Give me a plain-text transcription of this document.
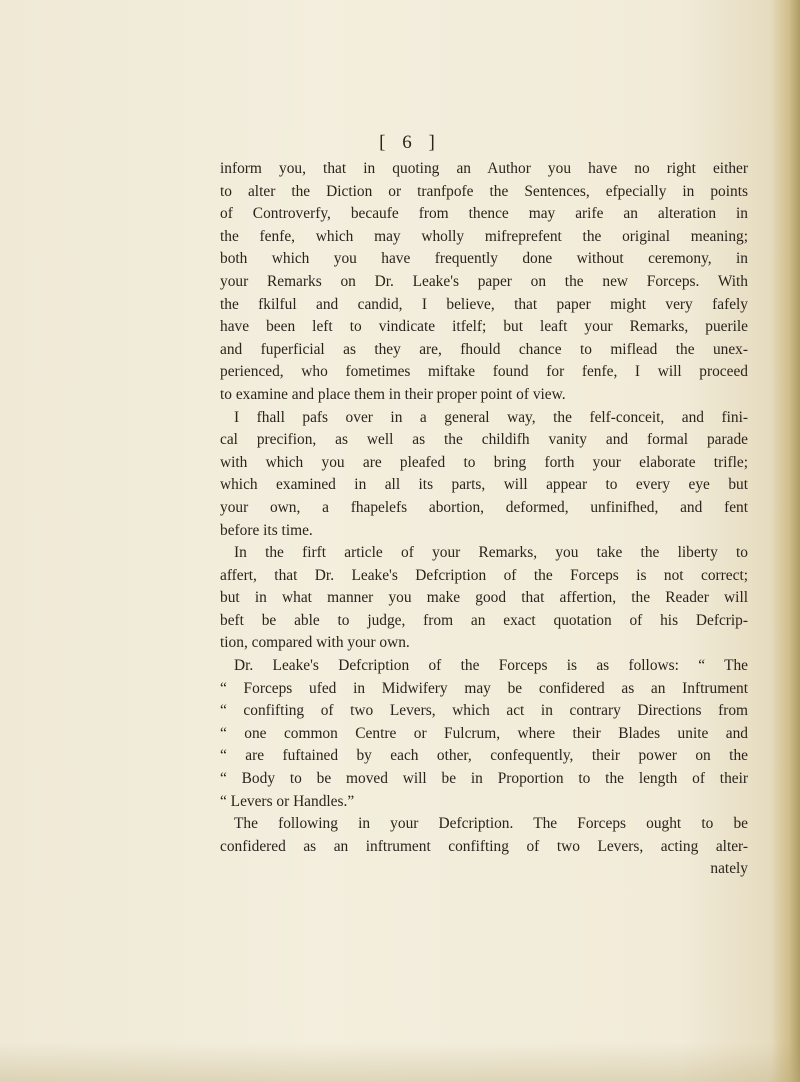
[ 6 ]
inform you, that in quoting an Author you have no right either
to alter the Diction or tranfpofe the Sentences, efpecially in points
of Controverfy, becaufe from thence may arife an alteration in
the fenfe, which may wholly mifreprefent the original meaning;
both which you have frequently done without ceremony, in
your Remarks on Dr. Leake's paper on the new Forceps. With
the fkilful and candid, I believe, that paper might very fafely
have been left to vindicate itfelf; but leaft your Remarks, puerile
and fuperficial as they are, fhould chance to miflead the unex-
perienced, who fometimes miftake found for fenfe, I will proceed
to examine and place them in their proper point of view.
I fhall pafs over in a general way, the felf-conceit, and fini-
cal precifion, as well as the childifh vanity and formal parade
with which you are pleafed to bring forth your elaborate trifle;
which examined in all its parts, will appear to every eye but
your own, a fhapelefs abortion, deformed, unfinifhed, and fent
before its time.
In the firft article of your Remarks, you take the liberty to
affert, that Dr. Leake's Defcription of the Forceps is not correct;
but in what manner you make good that affertion, the Reader will
beft be able to judge, from an exact quotation of his Defcrip-
tion, compared with your own.
Dr. Leake's Defcription of the Forceps is as follows: “ The
“ Forceps ufed in Midwifery may be confidered as an Inftrument
“ confifting of two Levers, which act in contrary Directions from
“ one common Centre or Fulcrum, where their Blades unite and
“ are fuftained by each other, confequently, their power on the
“ Body to be moved will be in Proportion to the length of their
“ Levers or Handles.”
The following in your Defcription. The Forceps ought to be
confidered as an inftrument confifting of two Levers, acting alter-
nately
